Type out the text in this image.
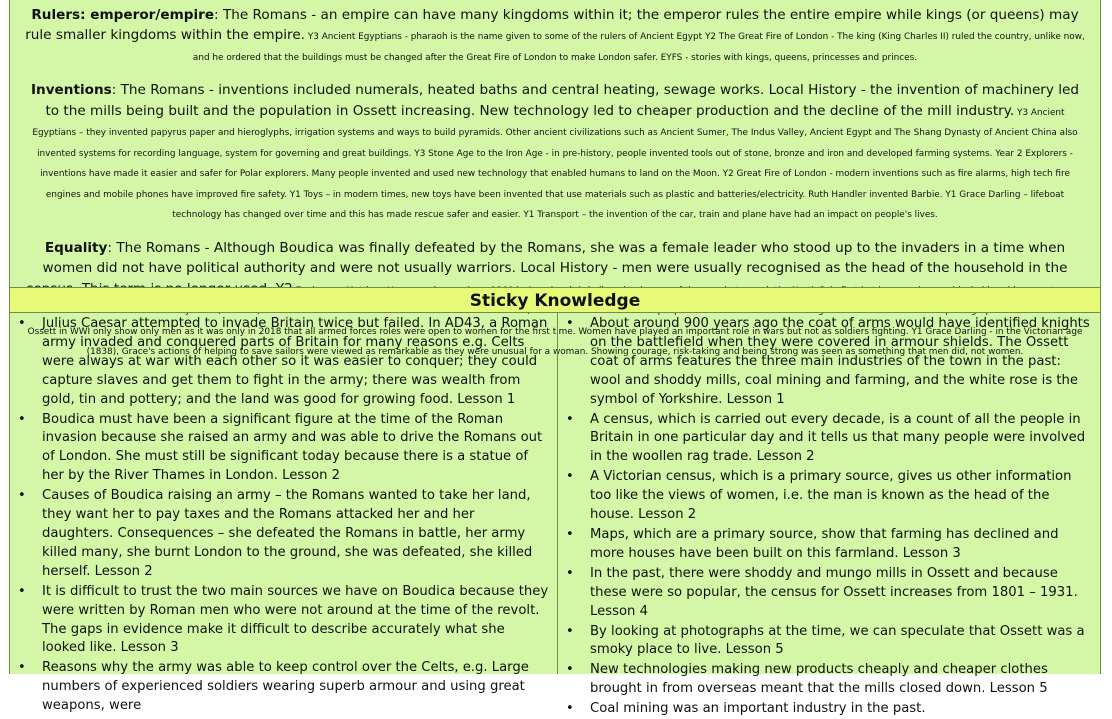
Rulers: emperor/empire: The Romans - an empire can have many kingdoms within it; the emperor rules the entire empire while kings (or queens) may rule smaller kingdoms within the empire. Y3 Ancient Egyptians - pharaoh is the name given to some of the rulers of Ancient Egypt Y2 The Great Fire of London - The king (King Charles II) ruled the country, unlike now, and he ordered that the buildings must be changed after the Great Fire of London to make London safer. EYFS - stories with kings, queens, princesses and princes.

Inventions: The Romans - inventions included numerals, heated baths and central heating, sewage works. Local History - the invention of machinery led to the mills being built and the population in Ossett increasing. New technology led to cheaper production and the decline of the mill industry. Y3 Ancient Egyptians – they invented papyrus paper and hieroglyphs, irrigation systems and ways to build pyramids. Other ancient civilizations such as Ancient Sumer, The Indus Valley, Ancient Egypt and The Shang Dynasty of Ancient China also invented systems for recording language, system for governing and great buildings. Y3 Stone Age to the Iron Age - in pre-history, people invented tools out of stone, bronze and iron and developed farming systems. Year 2 Explorers - inventions have made it easier and safer for Polar explorers. Many people invented and used new technology that enabled humans to land on the Moon. Y2 Great Fire of London - modern inventions such as fire alarms, high tech fire engines and mobile phones have improved fire safety. Y1 Toys – in modern times, new toys have been invented that use materials such as plastic and batteries/electricity. Ruth Handler invented Barbie. Y1 Grace Darling – lifeboat technology has changed over time and this has made rescue safer and easier. Y1 Transport – the invention of the car, train and plane have had an impact on people's lives.

Equality: The Romans - Although Boudica was finally defeated by the Romans, she was a female leader who stood up to the invaders in a time when women did not have political authority and were not usually warriors. Local History - men were usually recognised as the head of the household in the Ossett in WWI only show only men as it was only in 2018 that all armed forces roles were open to women for the first time. Women have played an important role in wars but not as soldiers fighting. Y1 Grace Darling - in the Victorian age (1838), Grace's actions of helping to save sailors were viewed as remarkable as they were unusual for a woman. Showing courage, risk-taking and being strong was seen as something that men did, not women.

Sticky Knowledge
• Julius Caesar attempted to invade Britain twice but failed. In AD43, a Roman army invaded and conquered parts of Britain for many reasons e.g. Celts were always at war with each other so it was easier to conquer; they could capture slaves and get them to fight in the army; there was wealth from gold, tin and pottery; and the land was good for growing food. Lesson 1
• Boudica must have been a significant figure at the time of the Roman invasion because she raised an army and was able to drive the Romans out of London. She must still be significant today because there is a statue of her by the River Thames in London. Lesson 2
• Causes of Boudica raising an army – the Romans wanted to take her land, they want her to pay taxes and the Romans attacked her and her daughters. Consequences – she defeated the Romans in battle, her army killed many, she burnt London to the ground, she was defeated, she killed herself. Lesson 2
• It is difficult to trust the two main sources we have on Boudica because they were written by Roman men who were not around at the time of the revolt. The gaps in evidence make it difficult to describe accurately what she looked like. Lesson 3
• Reasons why the army was able to keep control over the Celts, e.g. Large numbers of experienced soldiers wearing superb armour and using great weapons, were
• About around 900 years ago the coat of arms would have identified knights on the battlefield when they were covered in armour shields. The Ossett coat of arms features the three main industries of the town in the past: wool and shoddy mills, coal mining and farming, and the white rose is the symbol of Yorkshire. Lesson 1
• A census, which is carried out every decade, is a count of all the people in Britain in one particular day and it tells us that many people were involved in the woollen rag trade. Lesson 2
• A Victorian census, which is a primary source, gives us other information too like the views of women, i.e. the man is known as the head of the house. Lesson 2
• Maps, which are a primary source, show that farming has declined and more houses have been built on this farmland. Lesson 3
• In the past, there were shoddy and mungo mills in Ossett and because these were so popular, the census for Ossett increases from 1801 – 1931. Lesson 4
• By looking at photographs at the time, we can speculate that Ossett was a smoky place to live. Lesson 5
• New technologies making new products cheaply and cheaper clothes brought in from overseas meant that the mills closed down. Lesson 5
• Coal mining was an important industry in the past.
